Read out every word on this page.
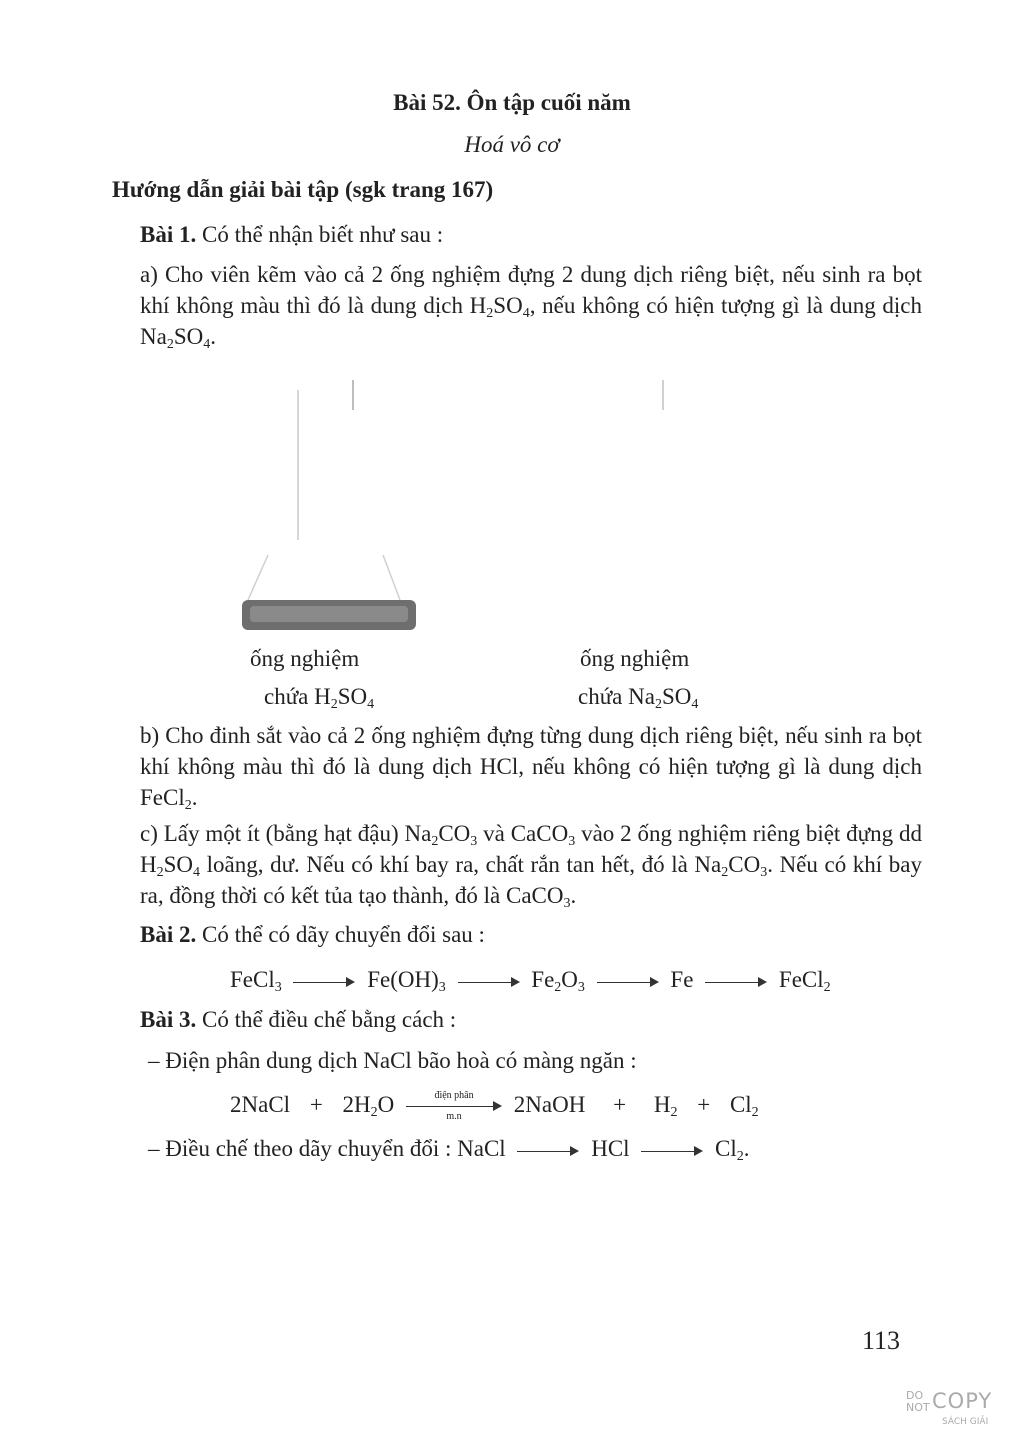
Bài 52. Ôn tập cuối năm
Hoá vô cơ
Hướng dẫn giải bài tập (sgk trang 167)
Bài 1. Có thể nhận biết như sau :
a) Cho viên kẽm vào cả 2 ống nghiệm đựng 2 dung dịch riêng biệt, nếu sinh ra bọt khí không màu thì đó là dung dịch $H_2SO_4$, nếu không có hiện tượng gì là dung dịch $Na_2SO_4$.
ống nghiệm
chứa $H_2SO_4$
ống nghiệm
chứa $Na_2SO_4$
b) Cho đinh sắt vào cả 2 ống nghiệm đựng từng dung dịch riêng biệt, nếu sinh ra bọt khí không màu thì đó là dung dịch HCl, nếu không có hiện tượng gì là dung dịch FeCl$_2$.
c) Lấy một ít (bằng hạt đậu) $Na_2CO_3$ và CaCO$_3$ vào 2 ống nghiệm riêng biệt đựng dd $H_2SO_4$ loãng, dư. Nếu có khí bay ra, chất rắn tan hết, đó là $Na_2CO_3$. Nếu có khí bay ra, đồng thời có kết tủa tạo thành, đó là CaCO$_3$.
Bài 2. Có thể có dãy chuyển đổi sau :
FeCl$_3$	$Fe(OH)_3$	$Fe_2O_3$	Fe	FeCl$_2$
Bài 3. Có thể điều chế bằng cách :
– Điện phân dung dịch NaCl bão hoà có màng ngăn :
2NaCl + $2H_2O$	điện phân
m.n	2NaOH + $H_2 + Cl_2$
– Điều chế theo dãy chuyển đổi : NaCl	HCl	$Cl_2$.
113
DO
NOT COPY
SÁCH GIẢI
